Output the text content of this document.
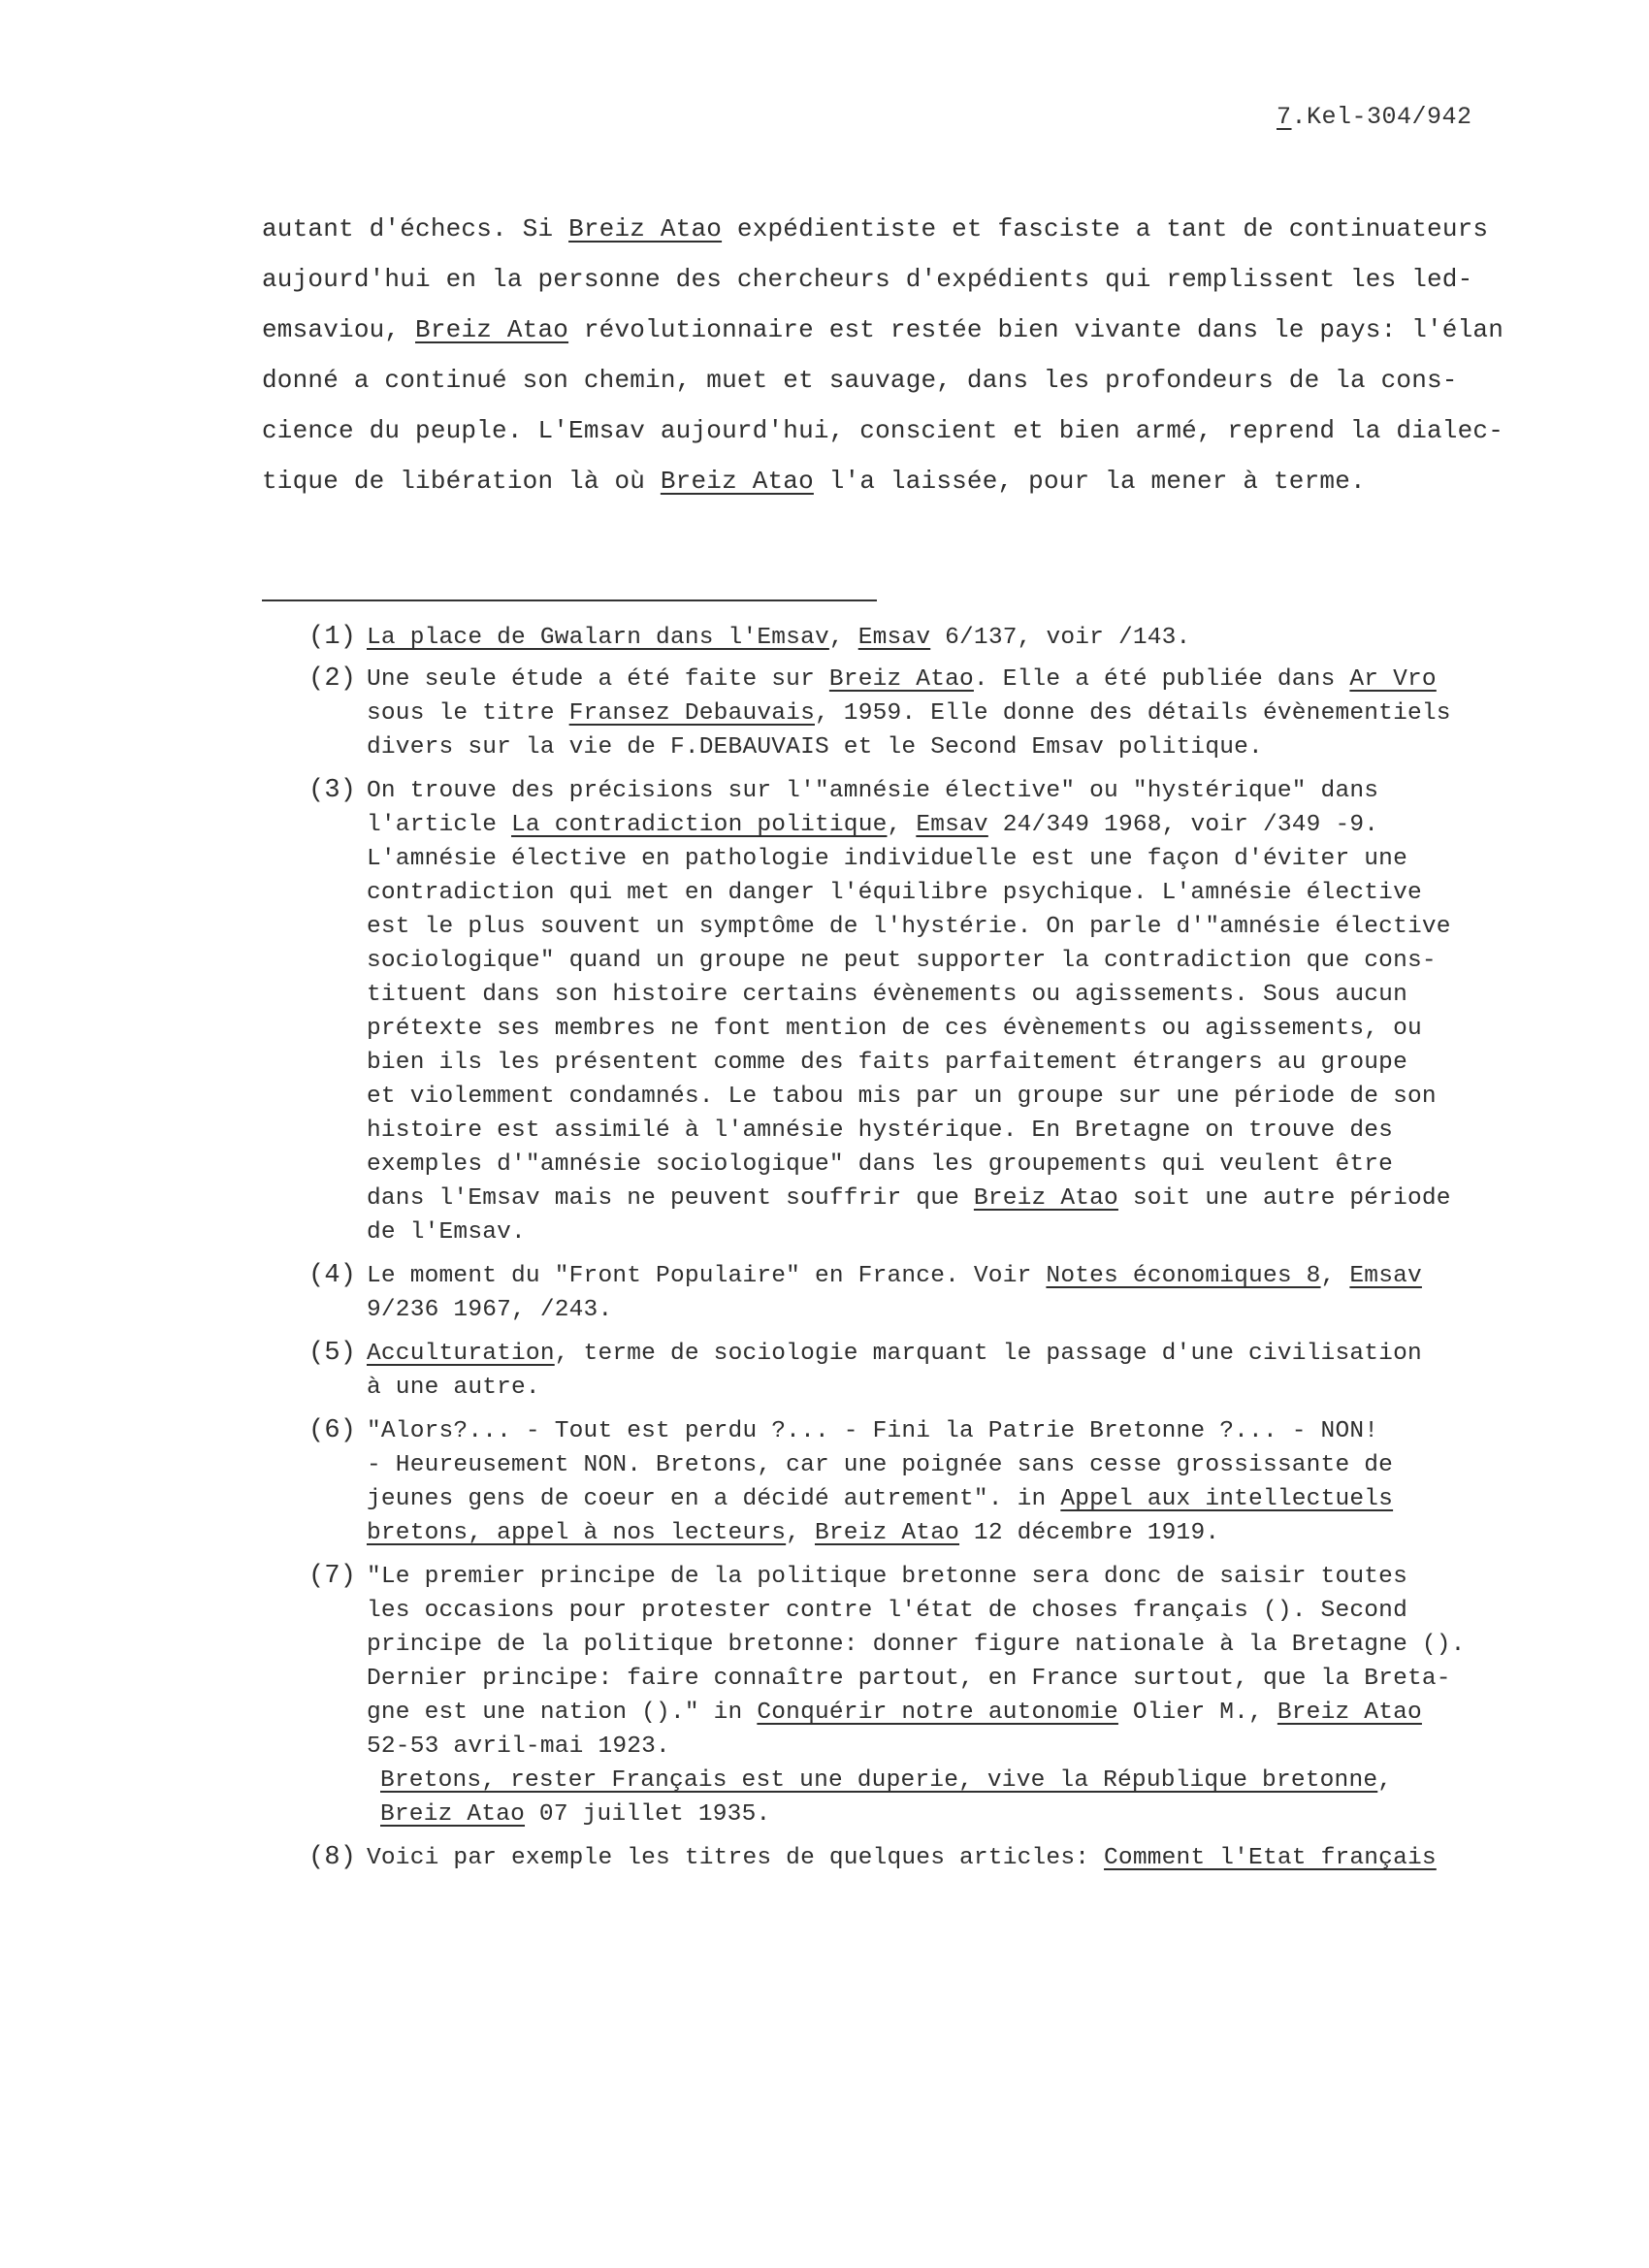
7.Kel-304/942

autant d'échecs. Si Breiz Atao expédientiste et fasciste a tant de continuateurs

aujourd'hui en la personne des chercheurs d'expédients qui remplissent les led-

emsaviou, Breiz Atao révolutionnaire est restée bien vivante dans le pays: l'élan

donné a continué son chemin, muet et sauvage, dans les profondeurs de la cons-

cience du peuple. L'Emsav aujourd'hui, conscient et bien armé, reprend la dialec-

tique de libération là où Breiz Atao l'a laissée, pour la mener à terme.

(1) La place de Gwalarn dans l'Emsav, Emsav 6/137, voir /143.
(2) Une seule étude a été faite sur Breiz Atao. Elle a été publiée dans Ar Vro
sous le titre Fransez Debauvais, 1959. Elle donne des détails évènementiels
divers sur la vie de F.DEBAUVAIS et le Second Emsav politique.
(3) On trouve des précisions sur l'"amnésie élective" ou "hystérique" dans
l'article La contradiction politique, Emsav 24/349 1968, voir /349 -9.
L'amnésie élective en pathologie individuelle est une façon d'éviter une
contradiction qui met en danger l'équilibre psychique. L'amnésie élective
est le plus souvent un symptôme de l'hystérie. On parle d'"amnésie élective
sociologique" quand un groupe ne peut supporter la contradiction que cons-
tituent dans son histoire certains évènements ou agissements. Sous aucun
prétexte ses membres ne font mention de ces évènements ou agissements, ou
bien ils les présentent comme des faits parfaitement étrangers au groupe
et violemment condamnés. Le tabou mis par un groupe sur une période de son
histoire est assimilé à l'amnésie hystérique. En Bretagne on trouve des
exemples d'"amnésie sociologique" dans les groupements qui veulent être
dans l'Emsav mais ne peuvent souffrir que Breiz Atao soit une autre période
de l'Emsav.
(4) Le moment du "Front Populaire" en France. Voir Notes économiques 8, Emsav
9/236 1967, /243.
(5) Acculturation, terme de sociologie marquant le passage d'une civilisation
à une autre.
(6) "Alors?... - Tout est perdu ?... - Fini la Patrie Bretonne ?... - NON!
- Heureusement NON. Bretons, car une poignée sans cesse grossissante de
jeunes gens de coeur en a décidé autrement". in Appel aux intellectuels
bretons, appel à nos lecteurs, Breiz Atao 12 décembre 1919.
(7) "Le premier principe de la politique bretonne sera donc de saisir toutes
les occasions pour protester contre l'état de choses français (). Second
principe de la politique bretonne: donner figure nationale à la Bretagne ().
Dernier principe: faire connaître partout, en France surtout, que la Breta-
gne est une nation ()." in Conquérir notre autonomie Olier M., Breiz Atao
52-53 avril-mai 1923.
Bretons, rester Français est une duperie, vive la République bretonne,
Breiz Atao 07 juillet 1935.
(8) Voici par exemple les titres de quelques articles: Comment l'Etat français
